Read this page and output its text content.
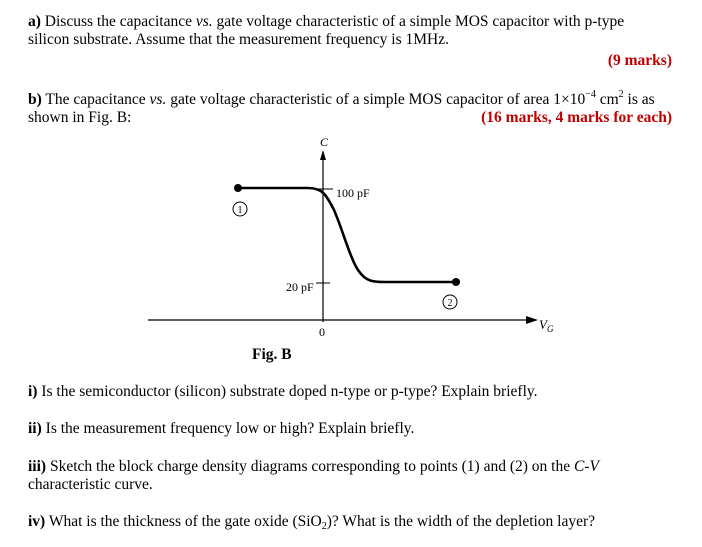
a) Discuss the capacitance vs. gate voltage characteristic of a simple MOS capacitor with p-type
silicon substrate. Assume that the measurement frequency is 1MHz.
(9 marks)
b) The capacitance vs. gate voltage characteristic of a simple MOS capacitor of area $1\times 10^{-4}$ $cm^2$ is as
shown in Fig. B:	(16 marks, 4 marks for each)
C
$V_G$
100 pF
20 pF
0
1
2
Fig. B
i) Is the semiconductor (silicon) substrate doped n-type or p-type? Explain briefly.
ii) Is the measurement frequency low or high? Explain briefly.
iii) Sketch the block charge density diagrams corresponding to points (1) and (2) on the C-V
characteristic curve.
iv) What is the thickness of the gate oxide (SiO$_2$)? What is the width of the depletion layer?
